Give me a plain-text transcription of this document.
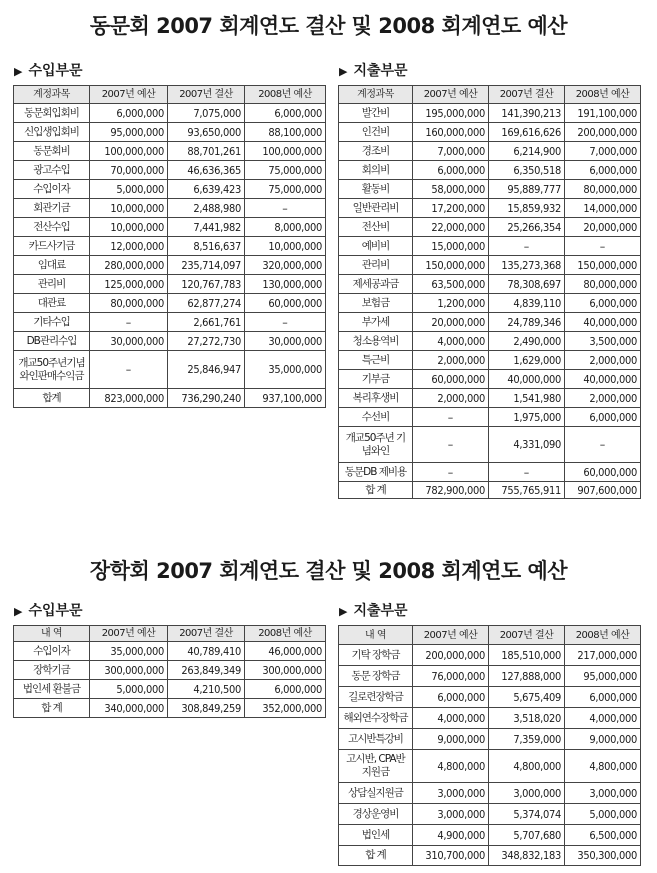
동문회 2007 회계연도 결산 및 2008 회계연도 예산
▶ 수입부문	▶ 지출부문
계정과목	2007년 예산	2007년 결산	2008년 예산
동문회입회비	6,000,000	7,075,000	6,000,000
신입생입회비	95,000,000	93,650,000	88,100,000
동문회비	100,000,000	88,701,261	100,000,000
광고수입	70,000,000	46,636,365	75,000,000
수입이자	5,000,000	6,639,423	75,000,000
회관기금	10,000,000	2,488,980	–
전산수입	10,000,000	7,441,982	8,000,000
카드사기금	12,000,000	8,516,637	10,000,000
임대료	280,000,000	235,714,097	320,000,000
관리비	125,000,000	120,767,783	130,000,000
대관료	80,000,000	62,877,274	60,000,000
기타수입	–	2,661,761	–
DB관리수입	30,000,000	27,272,730	30,000,000
개교50주년기념 와인판매수익금	–	25,846,947	35,000,000
합계	823,000,000	736,290,240	937,100,000
계정과목	2007년 예산	2007년 결산	2008년 예산
발간비	195,000,000	141,390,213	191,100,000
인건비	160,000,000	169,616,626	200,000,000
경조비	7,000,000	6,214,900	7,000,000
회의비	6,000,000	6,350,518	6,000,000
활동비	58,000,000	95,889,777	80,000,000
일반관리비	17,200,000	15,859,932	14,000,000
전산비	22,000,000	25,266,354	20,000,000
예비비	15,000,000	–	–
관리비	150,000,000	135,273,368	150,000,000
제세공과금	63,500,000	78,308,697	80,000,000
보험금	1,200,000	4,839,110	6,000,000
부가세	20,000,000	24,789,346	40,000,000
청소용역비	4,000,000	2,490,000	3,500,000
특근비	2,000,000	1,629,000	2,000,000
기부금	60,000,000	40,000,000	40,000,000
복리후생비	2,000,000	1,541,980	2,000,000
수선비	–	1,975,000	6,000,000
개교50주년 기념와인	–	4,331,090	–
동문DB 제비용	–	–	60,000,000
합 계	782,900,000	755,765,911	907,600,000
장학회 2007 회계연도 결산 및 2008 회계연도 예산
▶ 수입부문	▶ 지출부문
내 역	2007년 예산	2007년 결산	2008년 예산
수입이자	35,000,000	40,789,410	46,000,000
장학기금	300,000,000	263,849,349	300,000,000
법인세 환불금	5,000,000	4,210,500	6,000,000
합 계	340,000,000	308,849,259	352,000,000
내 역	2007년 예산	2007년 결산	2008년 예산
기탁 장학금	200,000,000	185,510,000	217,000,000
동문 장학금	76,000,000	127,888,000	95,000,000
길로련장학금	6,000,000	5,675,409	6,000,000
해외연수장학금	4,000,000	3,518,020	4,000,000
고시반특강비	9,000,000	7,359,000	9,000,000
고시반, CPA반 지원금	4,800,000	4,800,000	4,800,000
상담실지원금	3,000,000	3,000,000	3,000,000
경상운영비	3,000,000	5,374,074	5,000,000
법인세	4,900,000	5,707,680	6,500,000
합 계	310,700,000	348,832,183	350,300,000
